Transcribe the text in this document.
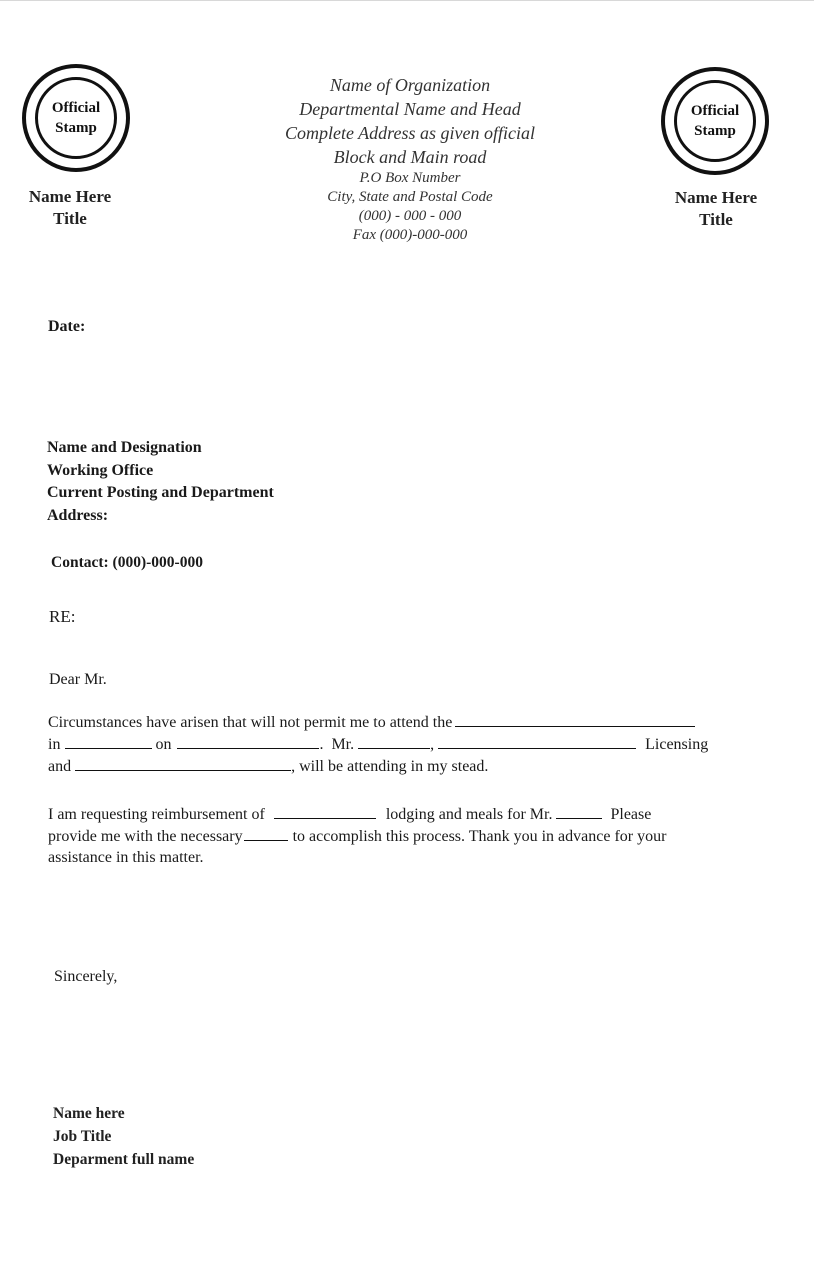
Official
Stamp
Name Here
Title
Official
Stamp
Name Here
Title
Name of Organization
Departmental Name and Head
Complete Address as given official
Block and Main road
P.O Box Number
City, State and Postal Code
(000) - 000 - 000
Fax (000)-000-000
Date:
Name and Designation
Working Office
Current Posting and Department
Address:
Contact: (000)-000-000
RE:
Dear Mr.
Circumstances have arisen that will not permit me to attend the
in	on	.  Mr.	,	Licensing
and	, will be attending in my stead.
I am requesting reimbursement of	lodging and meals for Mr.	Please
provide me with the necessary	to accomplish this process. Thank you in advance for your
assistance in this matter.
Sincerely,
Name here
Job Title
Deparment full name
